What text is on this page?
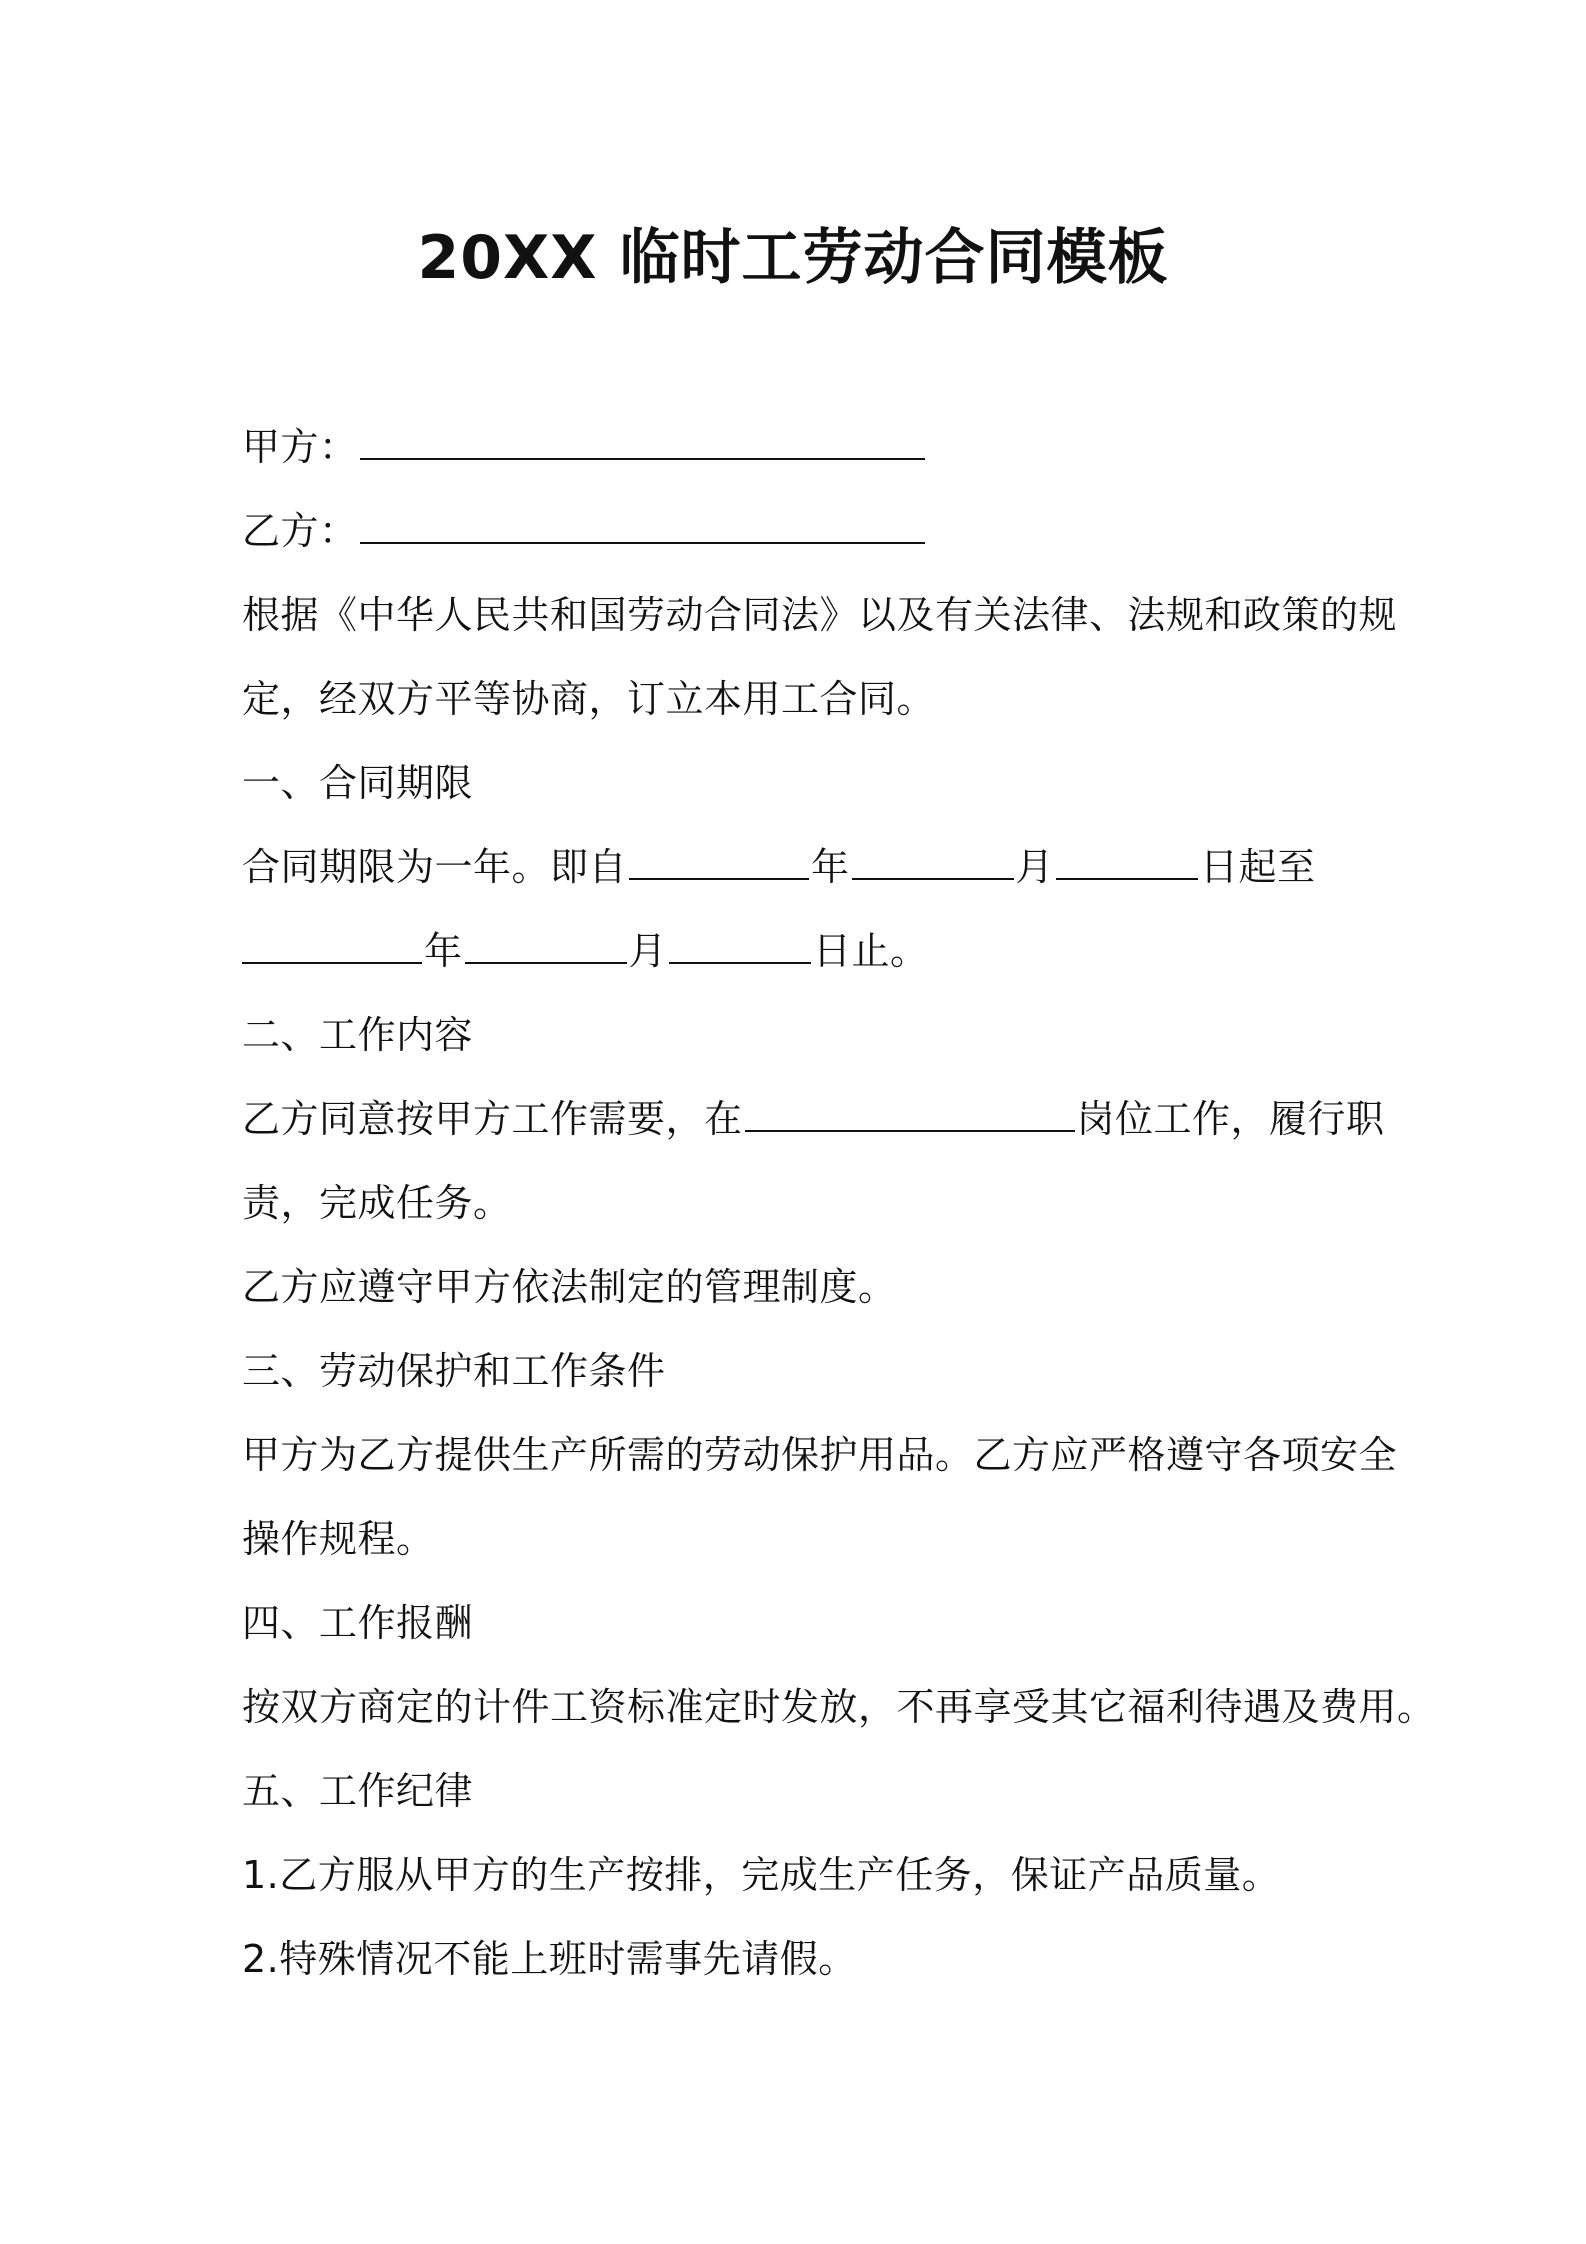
20XX 临时工劳动合同模板

甲方：

乙方：

根据《中华人民共和国劳动合同法》以及有关法律、法规和政策的规

定，经双方平等协商，订立本用工合同。

一、合同期限

合同期限为一年。即自	年	月	日起至

年	月	日止。

二、工作内容

乙方同意按甲方工作需要，在	岗位工作，履行职

责，完成任务。

乙方应遵守甲方依法制定的管理制度。

三、劳动保护和工作条件

甲方为乙方提供生产所需的劳动保护用品。乙方应严格遵守各项安全

操作规程。

四、工作报酬

按双方商定的计件工资标准定时发放，不再享受其它福利待遇及费用。

五、工作纪律

1.乙方服从甲方的生产按排，完成生产任务，保证产品质量。

2.特殊情况不能上班时需事先请假。
